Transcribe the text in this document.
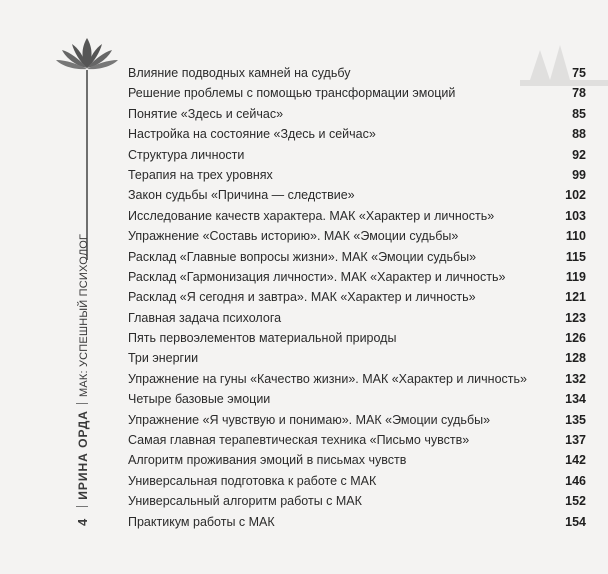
4ИРИНА ОРДАМАК: УСПЕШНЫЙ ПСИХОЛОГ
Влияние подводных камней на судьбу	75
Решение проблемы с помощью трансформации эмоций	78
Понятие «Здесь и сейчас»	85
Настройка на состояние «Здесь и сейчас»	88
Структура личности	92
Терапия на трех уровнях	99
Закон судьбы «Причина — следствие»	102
Исследование качеств характера. МАК «Характер и личность»	103
Упражнение «Составь историю». МАК «Эмоции судьбы»	110
Расклад «Главные вопросы жизни». МАК «Эмоции судьбы»	115
Расклад «Гармонизация личности». МАК «Характер и личность»	119
Расклад «Я сегодня и завтра». МАК «Характер и личность»	121
Главная задача психолога	123
Пять первоэлементов материальной природы	126
Три энергии	128
Упражнение на гуны «Качество жизни». МАК «Характер и личность»	132
Четыре базовые эмоции	134
Упражнение «Я чувствую и понимаю». МАК «Эмоции судьбы»	135
Самая главная терапевтическая техника «Письмо чувств»	137
Алгоритм проживания эмоций в письмах чувств	142
Универсальная подготовка к работе с МАК	146
Универсальный алгоритм работы с МАК	152
Практикум работы с МАК	154
